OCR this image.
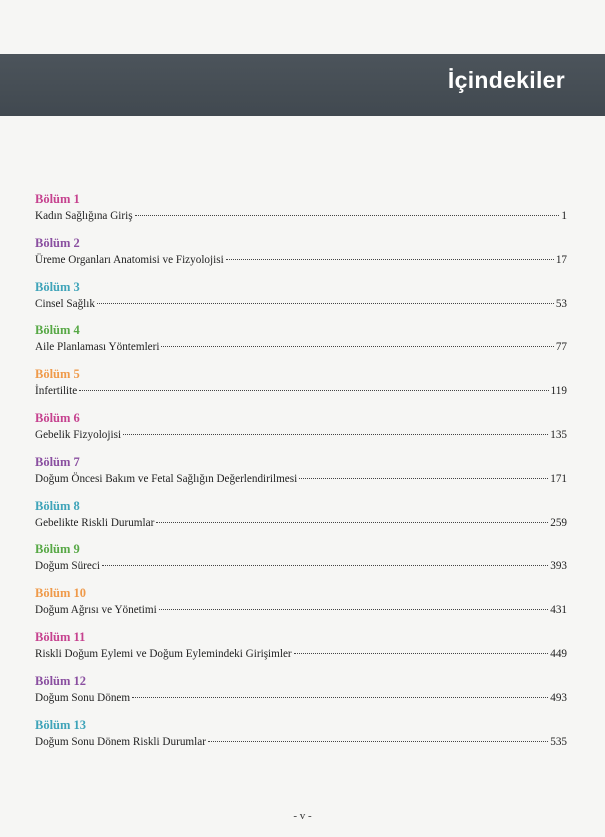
İçindekiler
Bölüm 1
Kadın Sağlığına Giriş	1
Bölüm 2
Üreme Organları Anatomisi ve Fizyolojisi	17
Bölüm 3
Cinsel Sağlık	53
Bölüm 4
Aile Planlaması Yöntemleri	77
Bölüm 5
İnfertilite	119
Bölüm 6
Gebelik Fizyolojisi	135
Bölüm 7
Doğum Öncesi Bakım ve Fetal Sağlığın Değerlendirilmesi	171
Bölüm 8
Gebelikte Riskli Durumlar	259
Bölüm 9
Doğum Süreci	393
Bölüm 10
Doğum Ağrısı ve Yönetimi	431
Bölüm 11
Riskli Doğum Eylemi ve Doğum Eylemindeki Girişimler	449
Bölüm 12
Doğum Sonu Dönem	493
Bölüm 13
Doğum Sonu Dönem Riskli Durumlar	535
- v -
